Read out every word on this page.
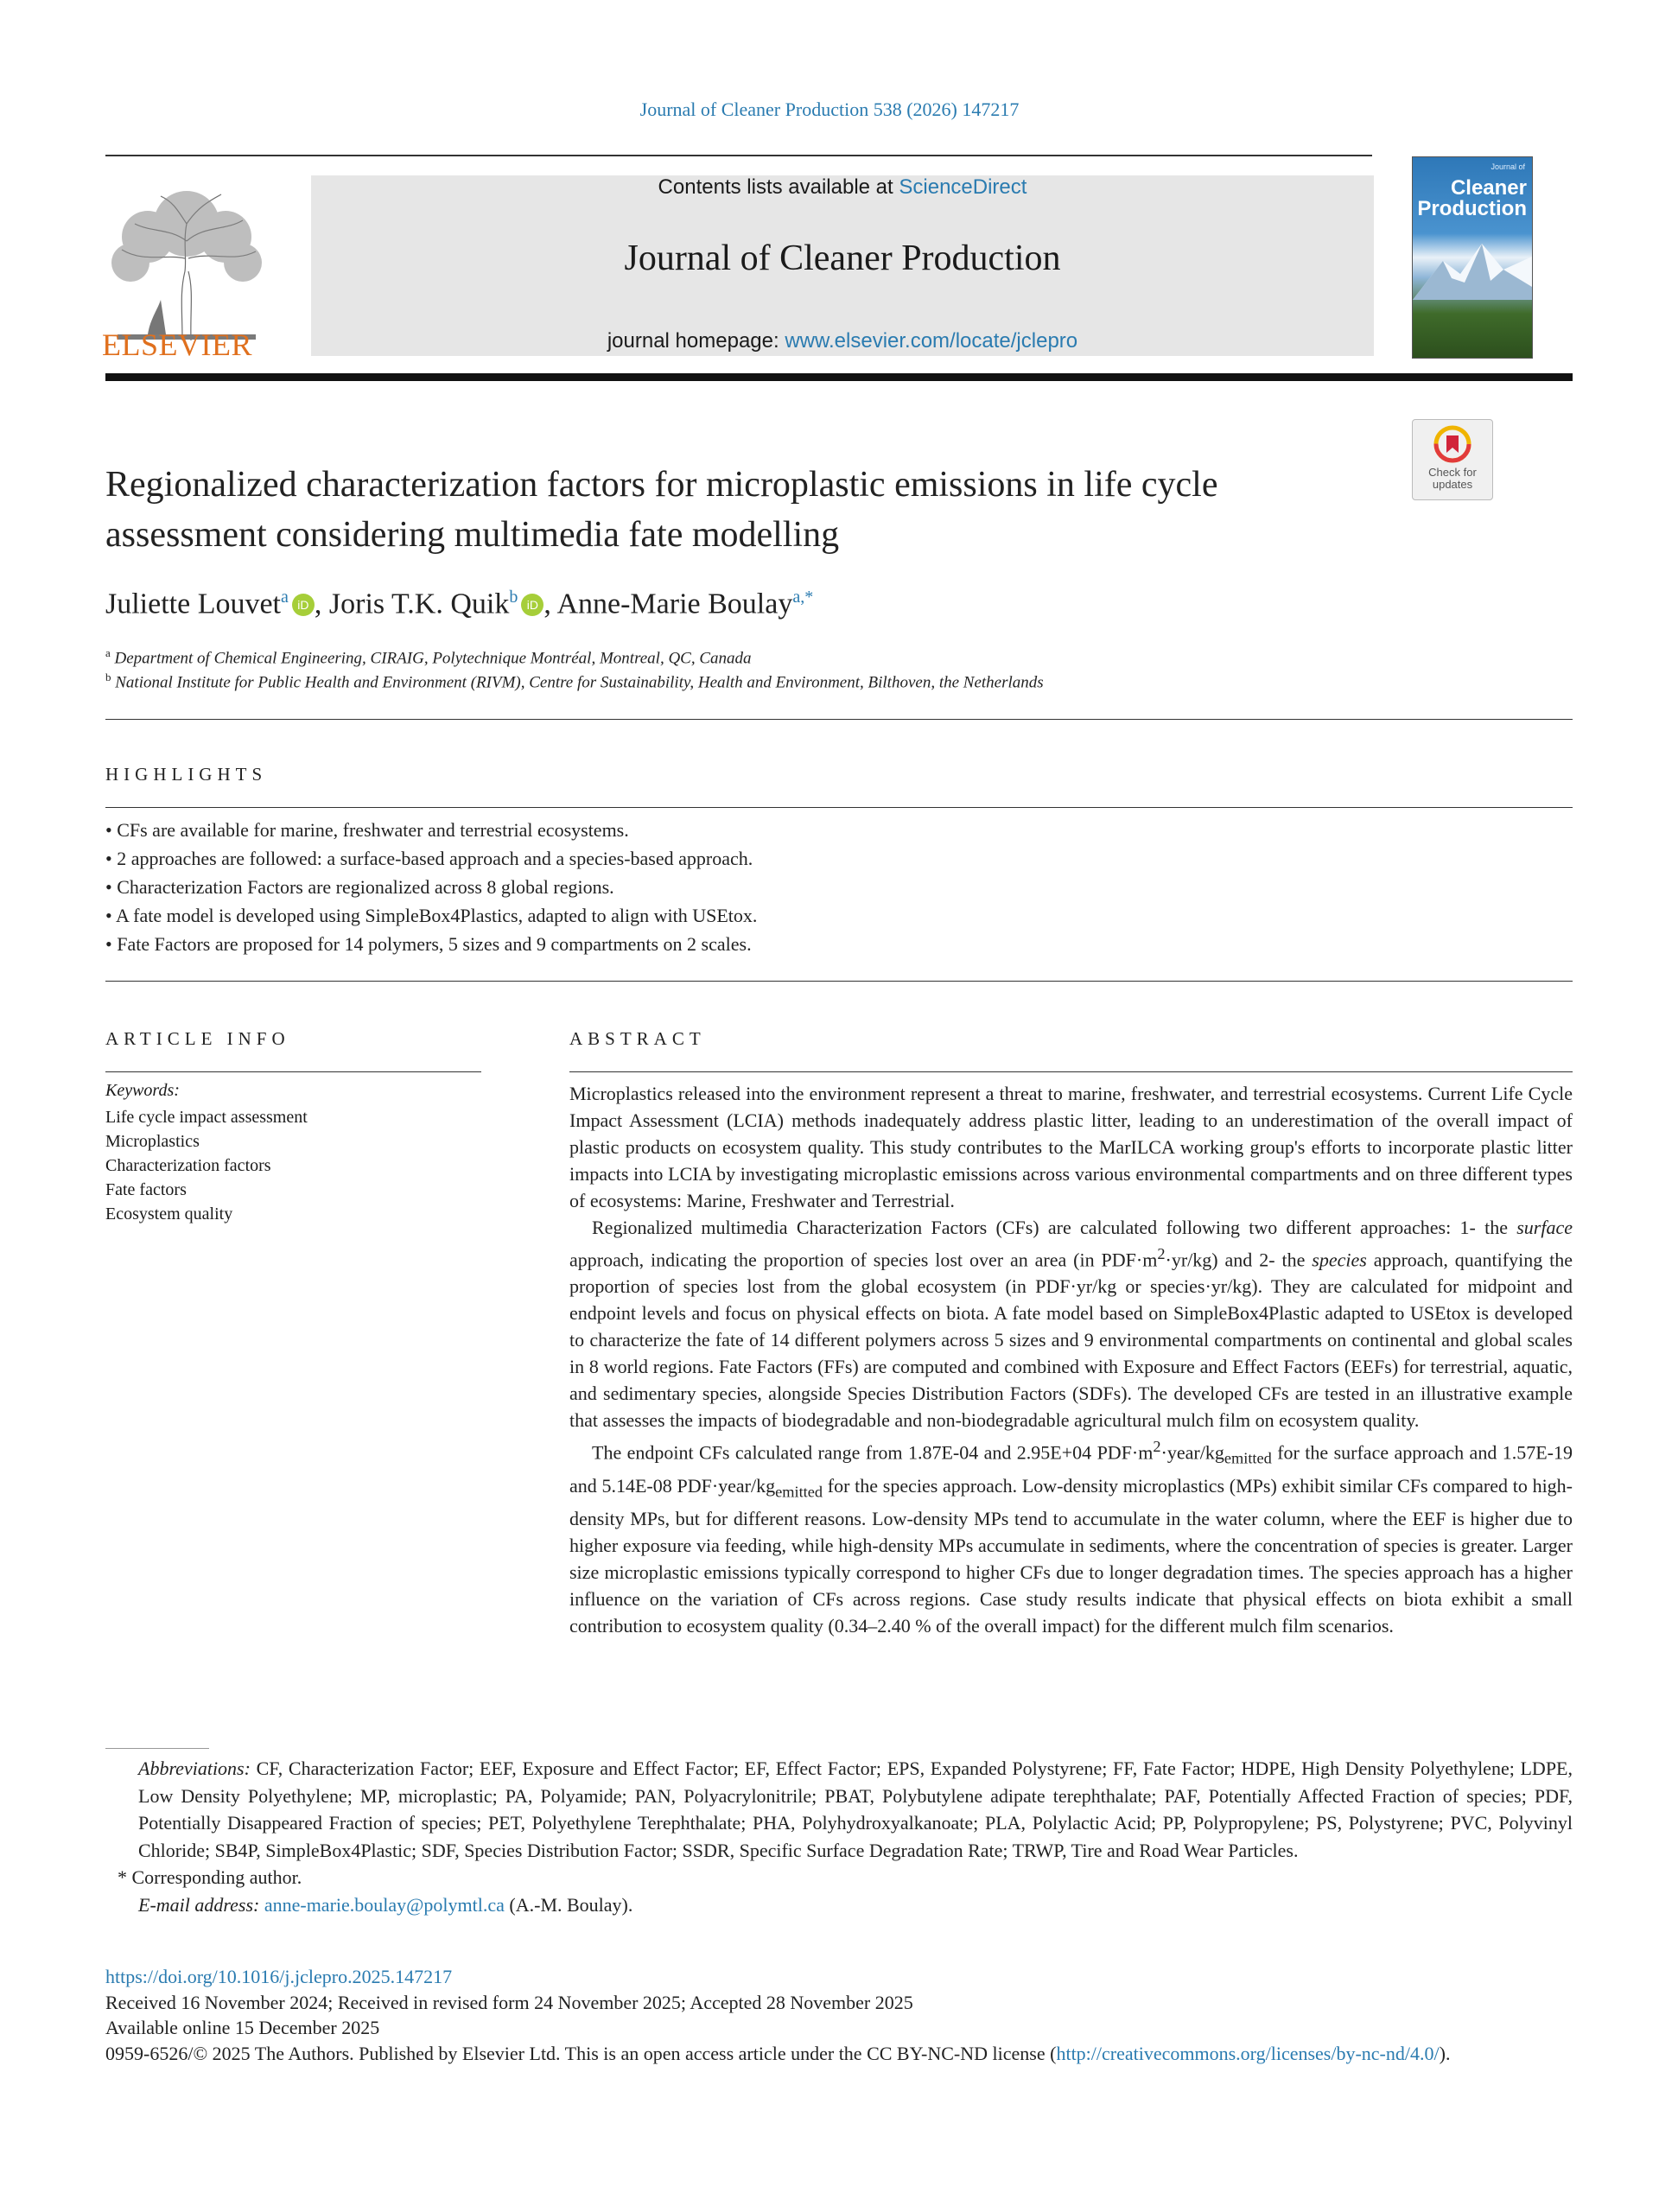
Journal of Cleaner Production 538 (2026) 147217
ELSEVIER
Contents lists available at ScienceDirect
Journal of Cleaner Production
journal homepage: www.elsevier.com/locate/jclepro
Journal of
Cleaner
Production
Check for updates
Regionalized characterization factors for microplastic emissions in life cycle assessment considering multimedia fate modelling
Juliette Louvet$^a$ iD , Joris T.K. Quik$^b$ iD , Anne-Marie Boulay$^{a,*}$
$^a$ Department of Chemical Engineering, CIRAIG, Polytechnique Montréal, Montreal, QC, Canada
$^b$ National Institute for Public Health and Environment (RIVM), Centre for Sustainability, Health and Environment, Bilthoven, the Netherlands
HIGHLIGHTS
• CFs are available for marine, freshwater and terrestrial ecosystems.
• 2 approaches are followed: a surface-based approach and a species-based approach.
• Characterization Factors are regionalized across 8 global regions.
• A fate model is developed using SimpleBox4Plastics, adapted to align with USEtox.
• Fate Factors are proposed for 14 polymers, 5 sizes and 9 compartments on 2 scales.
ARTICLE INFO
Keywords:
Life cycle impact assessment
Microplastics
Characterization factors
Fate factors
Ecosystem quality
ABSTRACT

Microplastics released into the environment represent a threat to marine, freshwater, and terrestrial ecosystems. Current Life Cycle Impact Assessment (LCIA) methods inadequately address plastic litter, leading to an underestimation of the overall impact of plastic products on ecosystem quality. This study contributes to the MarILCA working group's efforts to incorporate plastic litter impacts into LCIA by investigating microplastic emissions across various environmental compartments and on three different types of ecosystems: Marine, Freshwater and Terrestrial.

Regionalized multimedia Characterization Factors (CFs) are calculated following two different approaches: 1- the surface approach, indicating the proportion of species lost over an area (in $PDF\cdot m^2\cdot yr/kg$) and 2- the species approach, quantifying the proportion of species lost from the global ecosystem (in PDF·yr/kg or species·yr/kg). They are calculated for midpoint and endpoint levels and focus on physical effects on biota. A fate model based on SimpleBox4Plastic adapted to USEtox is developed to characterize the fate of 14 different polymers across 5 sizes and 9 environmental compartments on continental and global scales in 8 world regions. Fate Factors (FFs) are computed and combined with Exposure and Effect Factors (EEFs) for terrestrial, aquatic, and sedimentary species, alongside Species Distribution Factors (SDFs). The developed CFs are tested in an illustrative example that assesses the impacts of biodegradable and non-biodegradable agricultural mulch film on ecosystem quality.

The endpoint CFs calculated range from 1.87E-04 and 2.95E+04 $PDF\cdot m^2\cdot year/kg_{emitted}$ for the surface approach and 1.57E-19 and 5.14E-08 $PDF\cdot year/kg_{emitted}$ for the species approach. Low-density microplastics (MPs) exhibit similar CFs compared to high-density MPs, but for different reasons. Low-density MPs tend to accumulate in the water column, where the EEF is higher due to higher exposure via feeding, while high-density MPs accumulate in sediments, where the concentration of species is greater. Larger size microplastic emissions typically correspond to higher CFs due to longer degradation times. The species approach has a higher influence on the variation of CFs across regions. Case study results indicate that physical effects on biota exhibit a small contribution to ecosystem quality (0.34–2.40 % of the overall impact) for the different mulch film scenarios.

Abbreviations: CF, Characterization Factor; EEF, Exposure and Effect Factor; EF, Effect Factor; EPS, Expanded Polystyrene; FF, Fate Factor; HDPE, High Density Polyethylene; LDPE, Low Density Polyethylene; MP, microplastic; PA, Polyamide; PAN, Polyacrylonitrile; PBAT, Polybutylene adipate terephthalate; PAF, Potentially Affected Fraction of species; PDF, Potentially Disappeared Fraction of species; PET, Polyethylene Terephthalate; PHA, Polyhydroxyalkanoate; PLA, Polylactic Acid; PP, Polypropylene; PS, Polystyrene; PVC, Polyvinyl Chloride; SB4P, SimpleBox4Plastic; SDF, Species Distribution Factor; SSDR, Specific Surface Degradation Rate; TRWP, Tire and Road Wear Particles.

* Corresponding author.

E-mail address: anne-marie.boulay@polymtl.ca (A.-M. Boulay).

https://doi.org/10.1016/j.jclepro.2025.147217

Received 16 November 2024; Received in revised form 24 November 2025; Accepted 28 November 2025

Available online 15 December 2025

0959-6526/© 2025 The Authors. Published by Elsevier Ltd. This is an open access article under the CC BY-NC-ND license (http://creativecommons.org/licenses/by-nc-nd/4.0/).
